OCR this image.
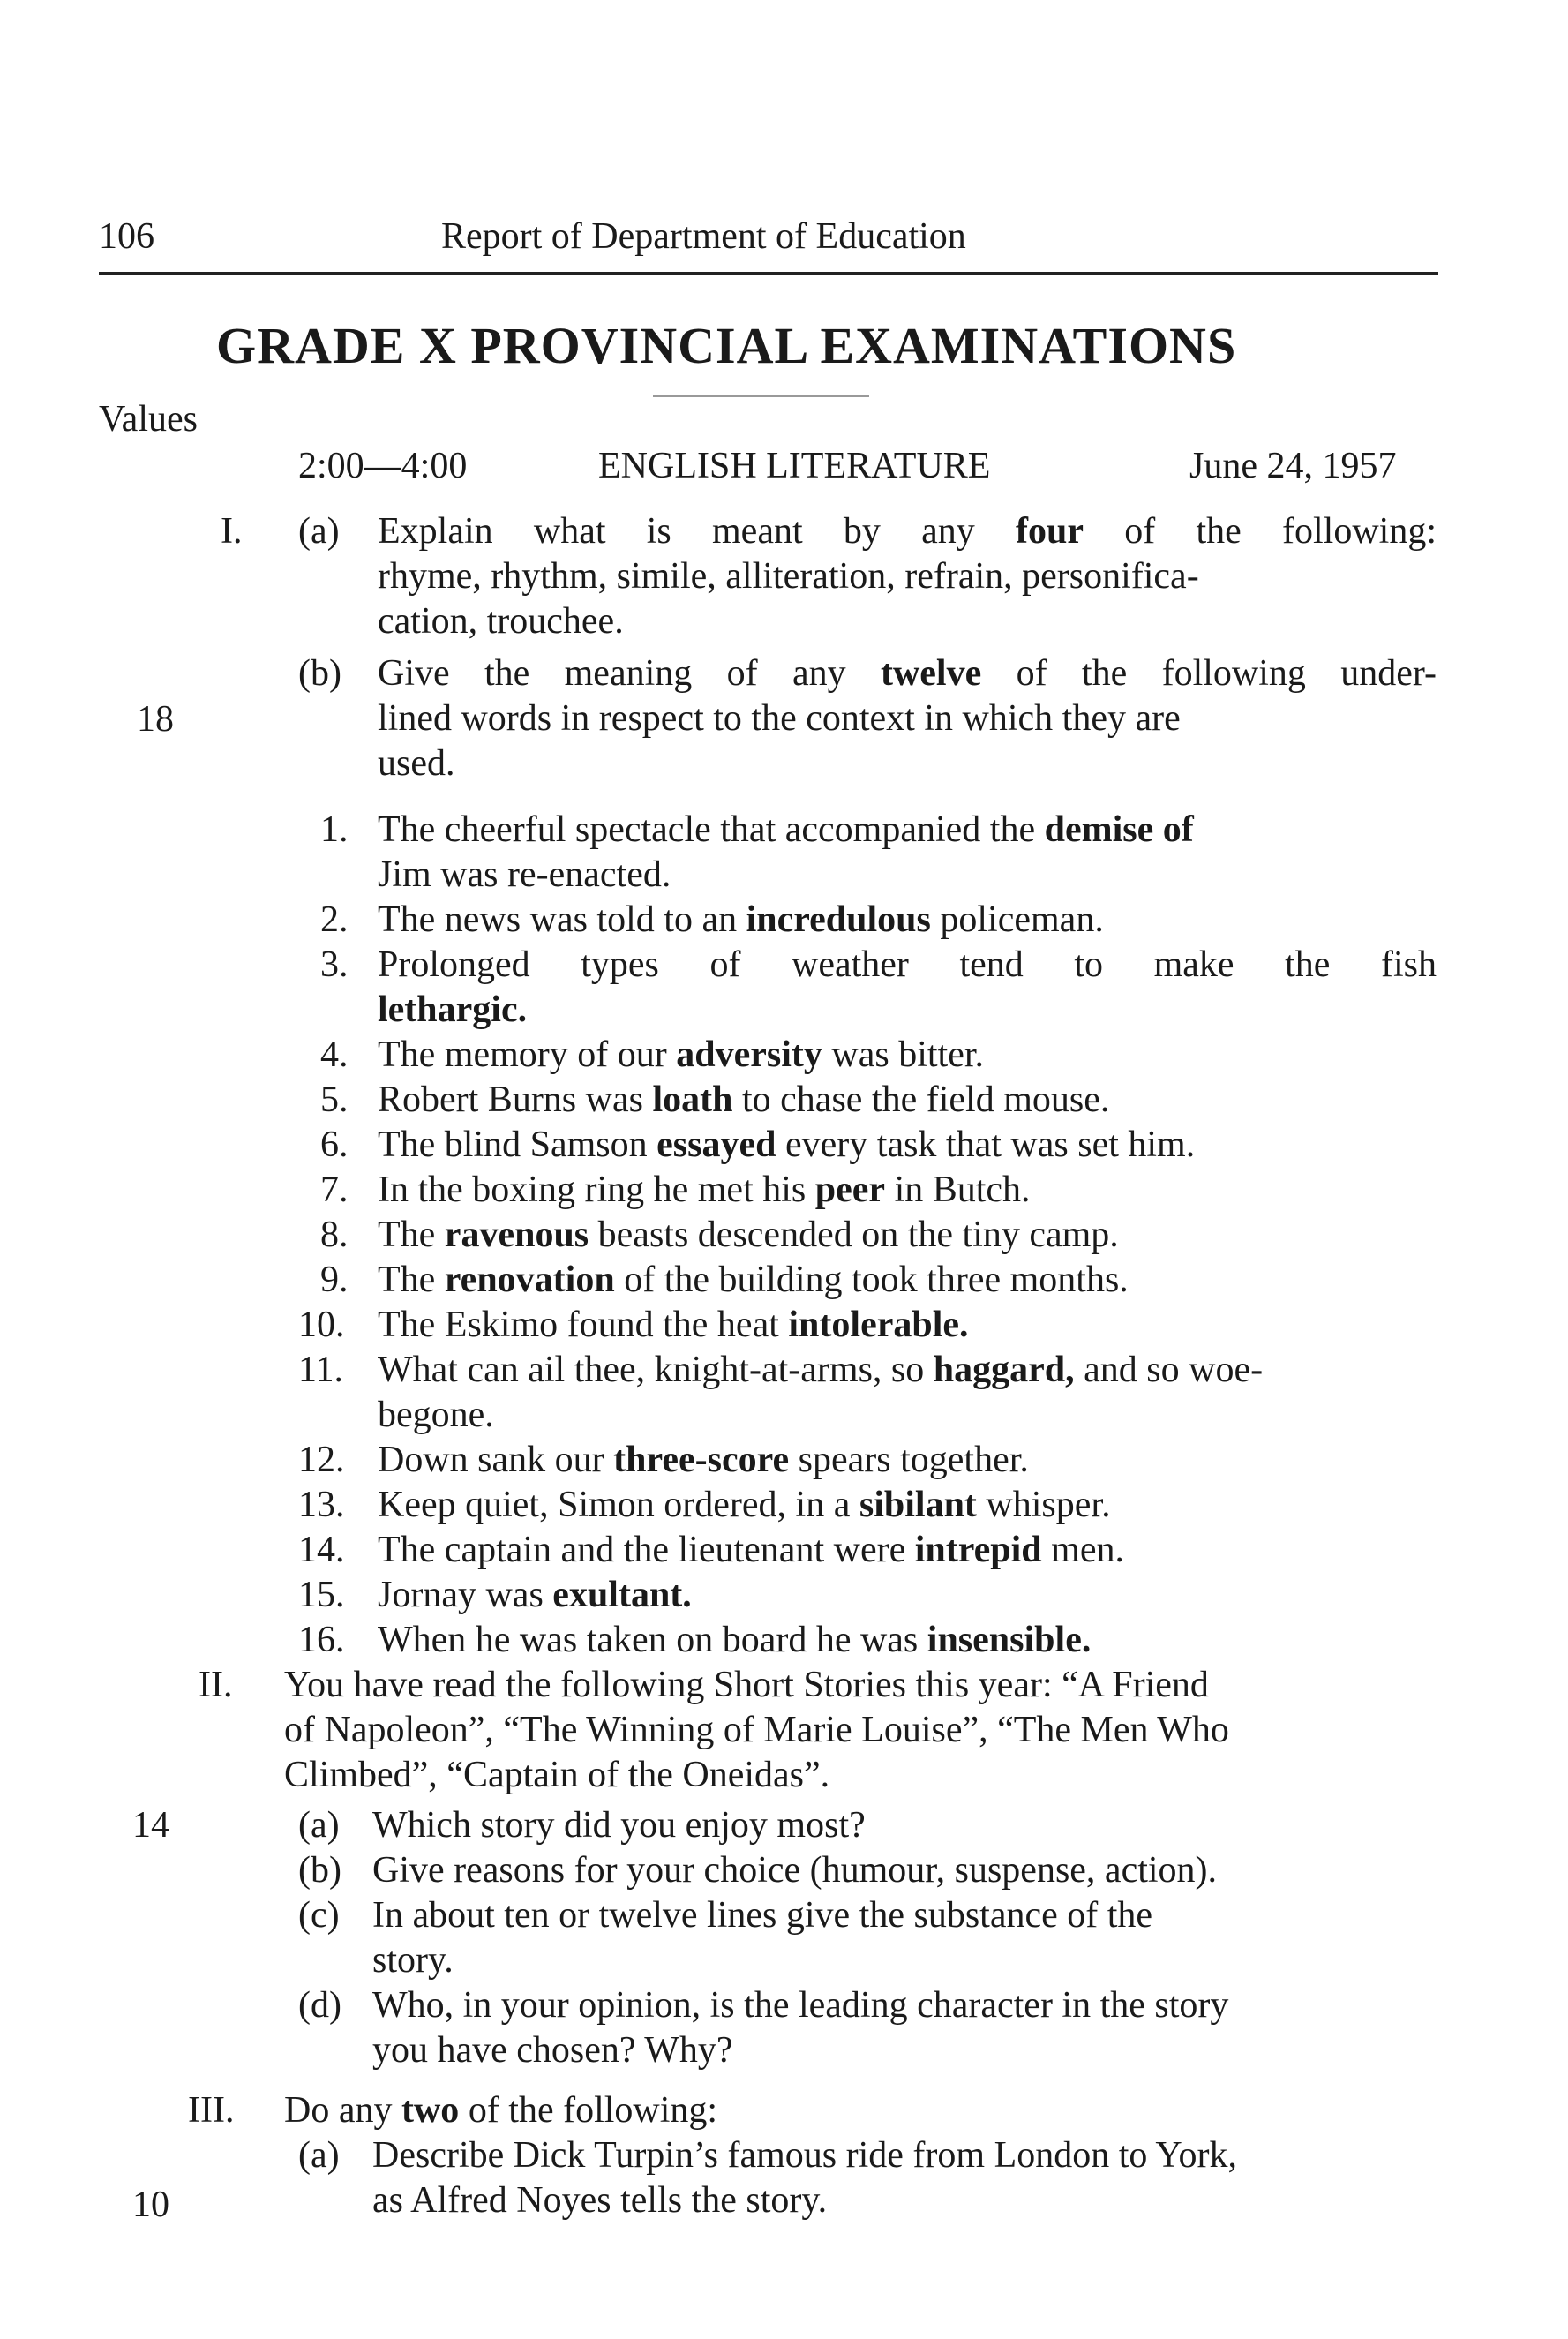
106	Report of Department of Education
GRADE X PROVINCIAL EXAMINATIONS
Values
2:00—4:00	ENGLISH LITERATURE	June 24, 1957
18
14
10
I. (a) Explain what is meant by any four of the following:
rhyme, rhythm, simile, alliteration, refrain, personifica-
cation, trouchee.
(b) Give the meaning of any twelve of the following under-
lined words in respect to the context in which they are
used.
1. The cheerful spectacle that accompanied the demise of
Jim was re-enacted.
2. The news was told to an incredulous policeman.
3. Prolonged types of weather tend to make the fish
lethargic.
4. The memory of our adversity was bitter.
5. Robert Burns was loath to chase the field mouse.
6. The blind Samson essayed every task that was set him.
7. In the boxing ring he met his peer in Butch.
8. The ravenous beasts descended on the tiny camp.
9. The renovation of the building took three months.
10. The Eskimo found the heat intolerable.
11. What can ail thee, knight-at-arms, so haggard, and so woe-
begone.
12. Down sank our three-score spears together.
13. Keep quiet, Simon ordered, in a sibilant whisper.
14. The captain and the lieutenant were intrepid men.
15. Jornay was exultant.
16. When he was taken on board he was insensible.
II. You have read the following Short Stories this year: “A Friend
of Napoleon”, “The Winning of Marie Louise”, “The Men Who
Climbed”, “Captain of the Oneidas”.
(a) Which story did you enjoy most?
(b) Give reasons for your choice (humour, suspense, action).
(c) In about ten or twelve lines give the substance of the
story.
(d) Who, in your opinion, is the leading character in the story
you have chosen? Why?
III. Do any two of the following:
(a) Describe Dick Turpin’s famous ride from London to York,
as Alfred Noyes tells the story.
